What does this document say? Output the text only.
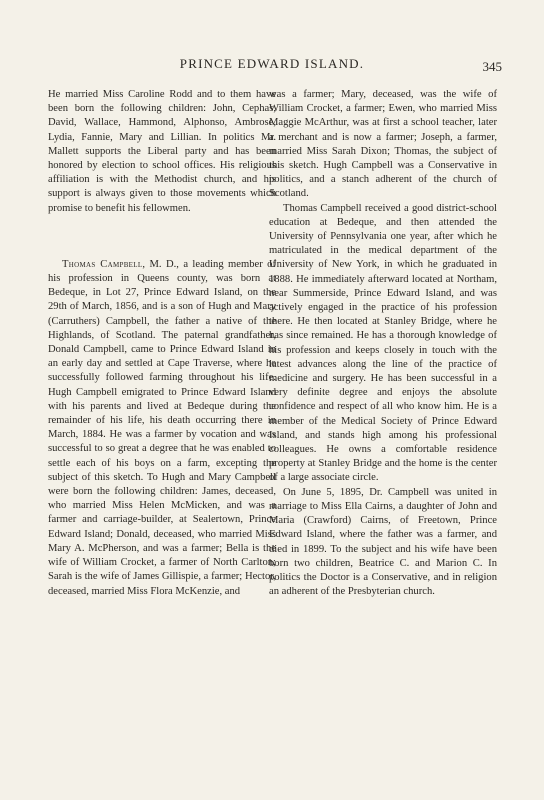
PRINCE EDWARD ISLAND.	345

He married Miss Caroline Rodd and to them have been born the following children: John, Cephas, David, Wallace, Hammond, Alphonso, Ambrose, Lydia, Fannie, Mary and Lillian. In politics Mr. Mallett supports the Liberal party and has been honored by election to school offices. His religious affiliation is with the Methodist church, and his support is always given to those movements which promise to benefit his fellowmen.

Thomas Campbell, M. D., a leading member of his profession in Queens county, was born at Bedeque, in Lot 27, Prince Edward Island, on the 29th of March, 1856, and is a son of Hugh and Mary (Carruthers) Campbell, the father a native of the Highlands, of Scotland. The paternal grandfather, Donald Campbell, came to Prince Edward Island in an early day and settled at Cape Traverse, where he successfully followed farming throughout his life. Hugh Campbell emigrated to Prince Edward Island with his parents and lived at Bedeque during the remainder of his life, his death occurring there in March, 1884. He was a farmer by vocation and was successful to so great a degree that he was enabled to settle each of his boys on a farm, excepting the subject of this sketch. To Hugh and Mary Campbell were born the following children: James, deceased, who married Miss Helen McMicken, and was a farmer and carriage-builder, at Sealertown, Prince Edward Island; Donald, deceased, who married Miss Mary A. McPherson, and was a farmer; Bella is the wife of William Crocket, a farmer of North Carlton; Sarah is the wife of James Gillispie, a farmer; Hector, deceased, married Miss Flora McKenzie, and

was a farmer; Mary, deceased, was the wife of William Crocket, a farmer; Ewen, who married Miss Maggie McArthur, was at first a school teacher, later a merchant and is now a farmer; Joseph, a farmer, married Miss Sarah Dixon; Thomas, the subject of this sketch. Hugh Campbell was a Conservative in politics, and a stanch adherent of the church of Scotland.

Thomas Campbell received a good district-school education at Bedeque, and then attended the University of Pennsylvania one year, after which he matriculated in the medical department of the University of New York, in which he graduated in 1888. He immediately afterward located at Northam, near Summerside, Prince Edward Island, and was actively engaged in the practice of his profession there. He then located at Stanley Bridge, where he has since remained. He has a thorough knowledge of his profession and keeps closely in touch with the latest advances along the line of the practice of medicine and surgery. He has been successful in a very definite degree and enjoys the absolute confidence and respect of all who know him. He is a member of the Medical Society of Prince Edward Island, and stands high among his professional colleagues. He owns a comfortable residence property at Stanley Bridge and the home is the center of a large associate circle.

On June 5, 1895, Dr. Campbell was united in marriage to Miss Ella Cairns, a daughter of John and Maria (Crawford) Cairns, of Freetown, Prince Edward Island, where the father was a farmer, and died in 1899. To the subject and his wife have been born two children, Beatrice C. and Marion C. In politics the Doctor is a Conservative, and in religion an adherent of the Presbyterian church.
